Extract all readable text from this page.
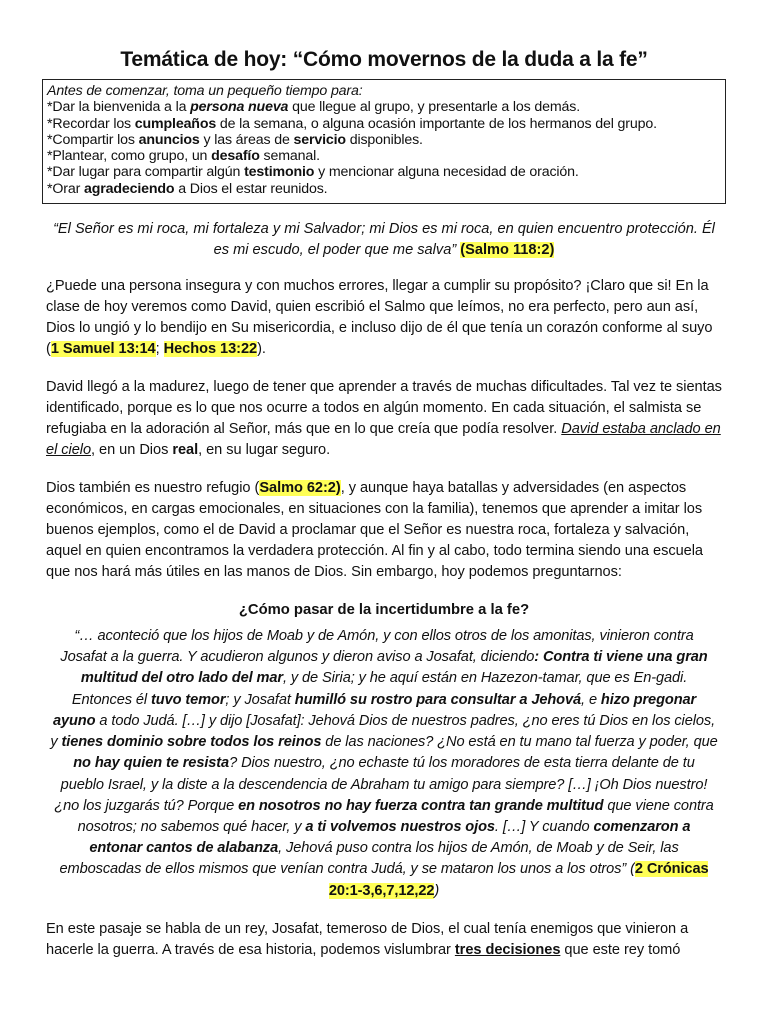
Temática de hoy: “Cómo movernos de la duda a la fe”
Antes de comenzar, toma un pequeño tiempo para:
*Dar la bienvenida a la persona nueva que llegue al grupo, y presentarle a los demás.
*Recordar los cumpleaños de la semana, o alguna ocasión importante de los hermanos del grupo.
*Compartir los anuncios y las áreas de servicio disponibles.
*Plantear, como grupo, un desafío semanal.
*Dar lugar para compartir algún testimonio y mencionar alguna necesidad de oración.
*Orar agradeciendo a Dios el estar reunidos.

“El Señor es mi roca, mi fortaleza y mi Salvador; mi Dios es mi roca, en quien encuentro protección. Él es mi escudo, el poder que me salva” (Salmo 118:2)

¿Puede una persona insegura y con muchos errores, llegar a cumplir su propósito? ¡Claro que si! En la clase de hoy veremos como David, quien escribió el Salmo que leímos, no era perfecto, pero aun así, Dios lo ungió y lo bendijo en Su misericordia, e incluso dijo de él que tenía un corazón conforme al suyo (1 Samuel 13:14; Hechos 13:22).

David llegó a la madurez, luego de tener que aprender a través de muchas dificultades. Tal vez te sientas identificado, porque es lo que nos ocurre a todos en algún momento. En cada situación, el salmista se refugiaba en la adoración al Señor, más que en lo que creía que podía resolver. David estaba anclado en el cielo, en un Dios real, en su lugar seguro.

Dios también es nuestro refugio (Salmo 62:2), y aunque haya batallas y adversidades (en aspectos económicos, en cargas emocionales, en situaciones con la familia), tenemos que aprender a imitar los buenos ejemplos, como el de David a proclamar que el Señor es nuestra roca, fortaleza y salvación, aquel en quien encontramos la verdadera protección. Al fin y al cabo, todo termina siendo una escuela que nos hará más útiles en las manos de Dios. Sin embargo, hoy podemos preguntarnos:

¿Cómo pasar de la incertidumbre a la fe?

“… aconteció que los hijos de Moab y de Amón, y con ellos otros de los amonitas, vinieron contra Josafat a la guerra. Y acudieron algunos y dieron aviso a Josafat, diciendo: Contra ti viene una gran multitud del otro lado del mar, y de Siria; y he aquí están en Hazezon-tamar, que es En-gadi. Entonces él tuvo temor; y Josafat humilló su rostro para consultar a Jehová, e hizo pregonar ayuno a todo Judá. […] y dijo [Josafat]: Jehová Dios de nuestros padres, ¿no eres tú Dios en los cielos, y tienes dominio sobre todos los reinos de las naciones? ¿No está en tu mano tal fuerza y poder, que no hay quien te resista? Dios nuestro, ¿no echaste tú los moradores de esta tierra delante de tu pueblo Israel, y la diste a la descendencia de Abraham tu amigo para siempre? […] ¡Oh Dios nuestro! ¿no los juzgarás tú? Porque en nosotros no hay fuerza contra tan grande multitud que viene contra nosotros; no sabemos qué hacer, y a ti volvemos nuestros ojos. […] Y cuando comenzaron a entonar cantos de alabanza, Jehová puso contra los hijos de Amón, de Moab y de Seir, las emboscadas de ellos mismos que venían contra Judá, y se mataron los unos a los otros” (2 Crónicas 20:1-3,6,7,12,22)

En este pasaje se habla de un rey, Josafat, temeroso de Dios, el cual tenía enemigos que vinieron a hacerle la guerra. A través de esa historia, podemos vislumbrar tres decisiones que este rey tomó
